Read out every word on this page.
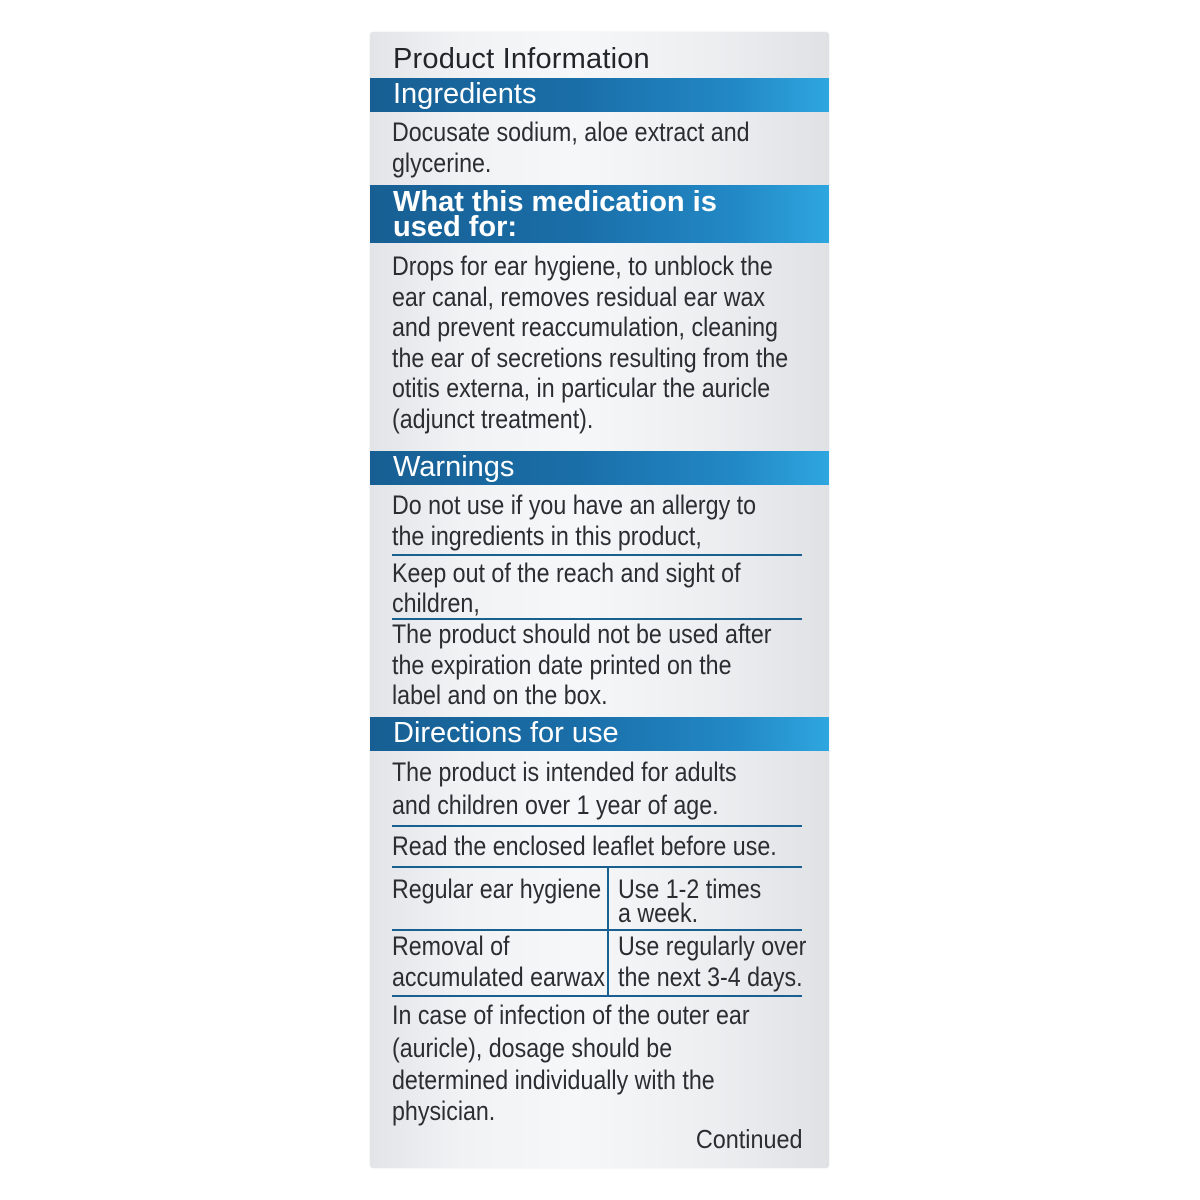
Product Information
Ingredients
Docusate sodium, aloe extract and
glycerine.
What this medication is
used for:
Drops for ear hygiene, to unblock the
ear canal, removes residual ear wax
and prevent reaccumulation, cleaning
the ear of secretions resulting from the
otitis externa, in particular the auricle
(adjunct treatment).
Warnings
Do not use if you have an allergy to
the ingredients in this product,
Keep out of the reach and sight of
children,
The product should not be used after
the expiration date printed on the
label and on the box.
Directions for use
The product is intended for adults
and children over 1 year of age.
Read the enclosed leaflet before use.
Regular ear hygiene Use 1-2 times
a week.
Removal of
accumulated earwax
Use regularly over
the next 3-4 days.
In case of infection of the outer ear
(auricle), dosage should be
determined individually with the
physician.
Continued
